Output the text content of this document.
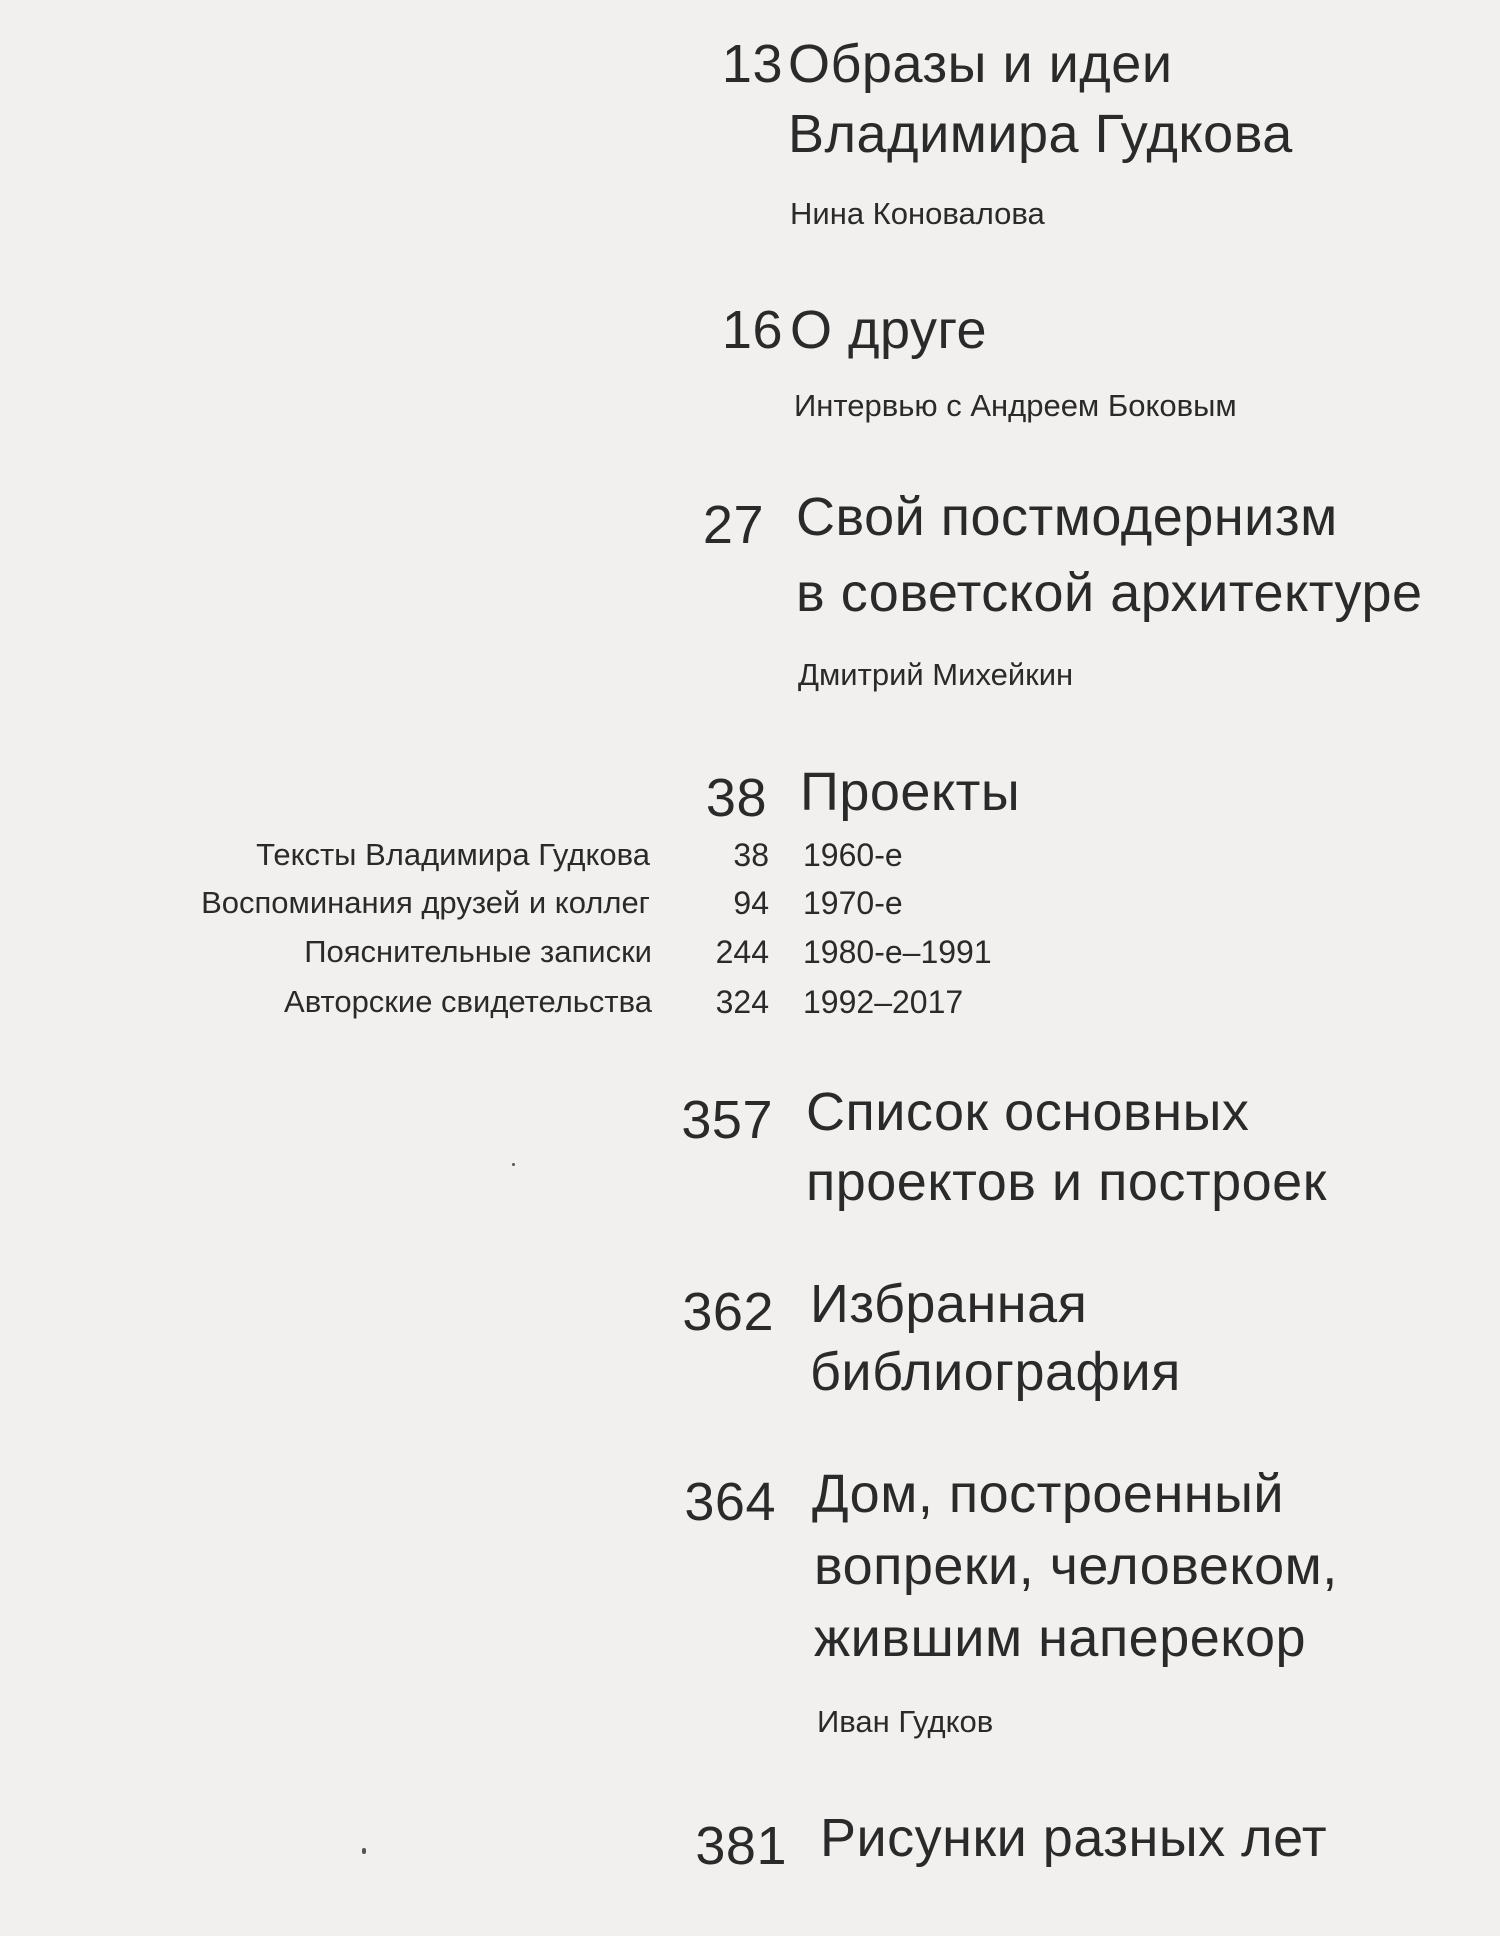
13 Образы и идеи
Владимира Гудкова
Нина Коновалова
16 О друге
Интервью с Андреем Боковым
27 Свой постмодернизм
в советской архитектуре
Дмитрий Михейкин
38 Проекты
Тексты Владимира Гудкова	38 1960-е
Воспоминания друзей и коллег	94 1970-е
Пояснительные записки 244 1980-е–1991
Авторские свидетельства 324 1992–2017
357 Список основных
проектов и построек
362 Избранная
библиография
364 Дом, построенный
вопреки, человеком,
жившим наперекор
Иван Гудков
381 Рисунки разных лет
